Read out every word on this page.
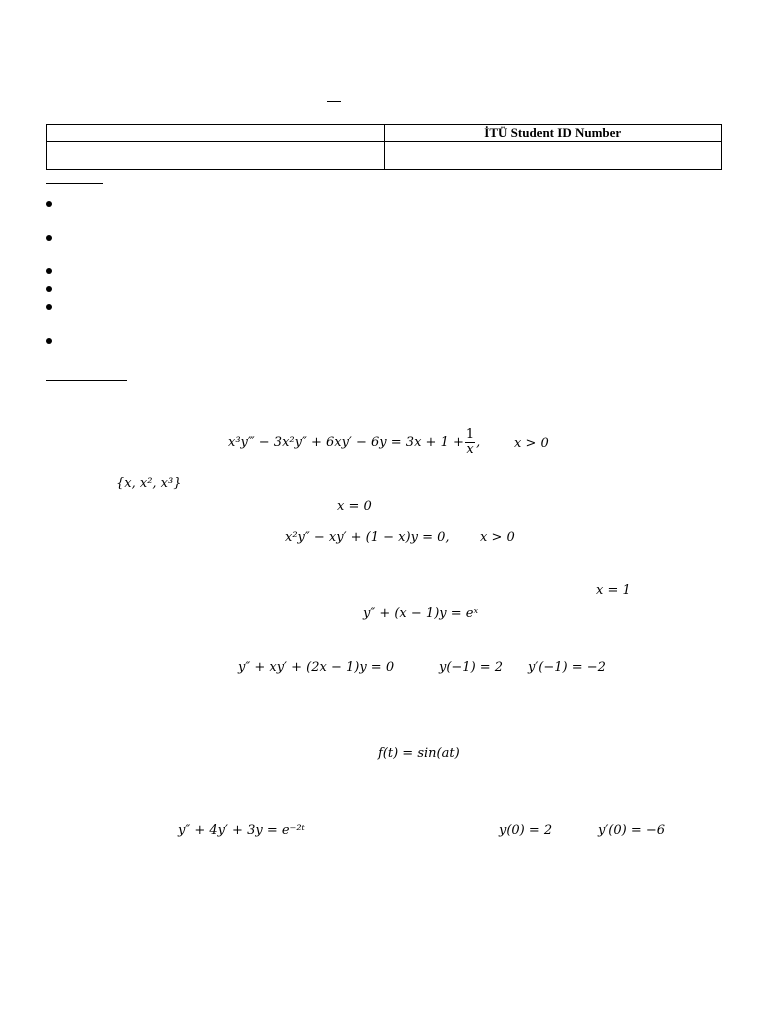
	İTÜ Student ID Number

x³y‴ − $3x^2y'' + 6xy' - 6y = 3x + 1 + \frac{1}{x}$ ,	x > 0
{x, x², x³}
x = 0
x²y″ − xy′ + (1 − x)y = 0, x > 0
x = 1
y″ + (x − 1)y = eˣ
y″ + xy′ + (2x − 1)y = 0	y(−1) = 2 y′(−1) = −2
f(t) = sin(at)
y″ + 4y′ + 3y = e⁻²ᵗ	y(0) = 2	y′(0) = −6
